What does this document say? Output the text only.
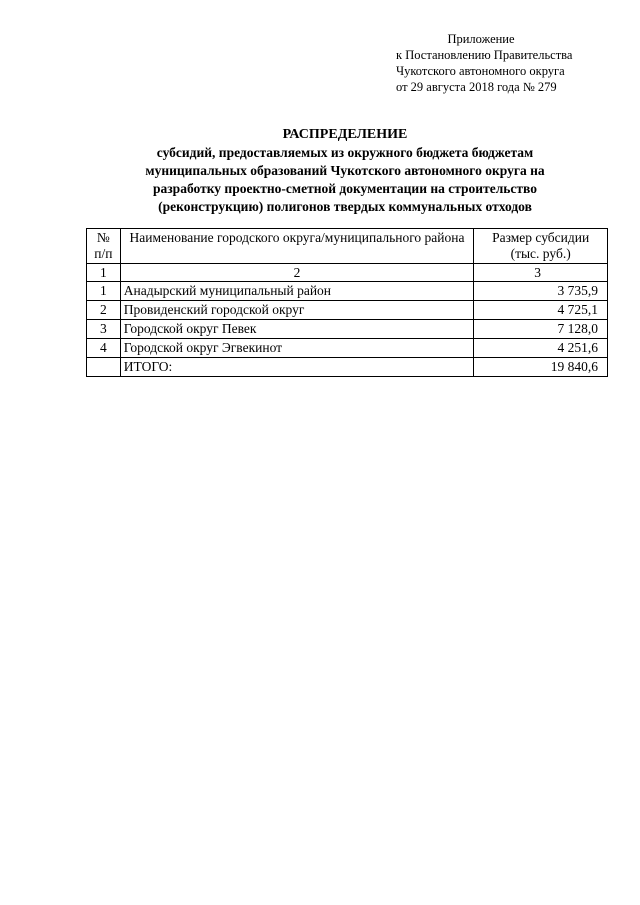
Приложение
к Постановлению Правительства
Чукотского автономного округа
от 29 августа 2018 года № 279
РАСПРЕДЕЛЕНИЕ
субсидий, предоставляемых из окружного бюджета бюджетам
муниципальных образований Чукотского автономного округа на
разработку проектно-сметной документации на строительство
(реконструкцию) полигонов твердых коммунальных отходов
№ п/п	Наименование городского округа/муниципального района	Размер субсидии (тыс. руб.)
1	2	3
1	Анадырский муниципальный район	3 735,9
2	Провиденский городской округ	4 725,1
3	Городской округ Певек	7 128,0
4	Городской округ Эгвекинот	4 251,6
	ИТОГО:	19 840,6
